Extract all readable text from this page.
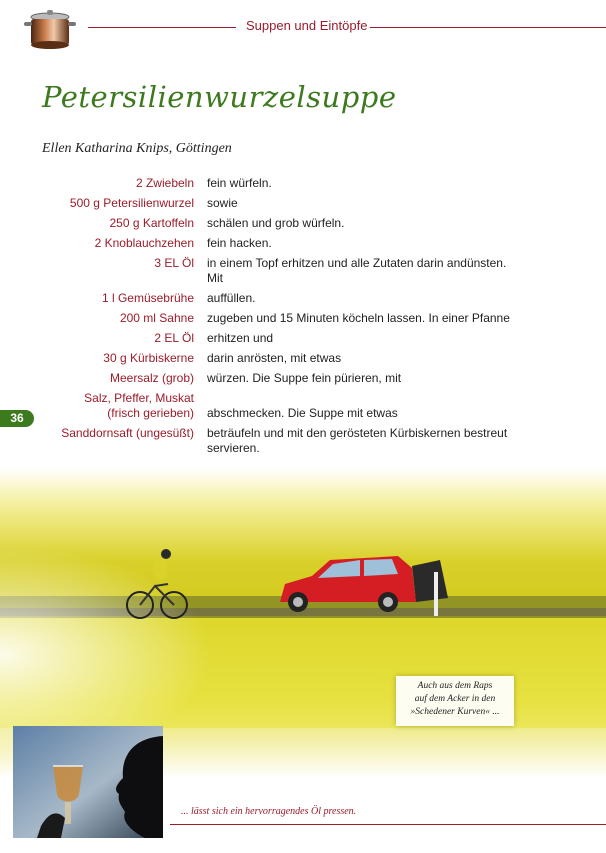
Suppen und Eintöpfe
Petersilienwurzelsuppe
Ellen Katharina Knips, Göttingen
2 Zwiebeln	fein würfeln.
500 g Petersilienwurzel	sowie
250 g Kartoffeln	schälen und grob würfeln.
2 Knoblauchzehen	fein hacken.
3 EL Öl	in einem Topf erhitzen und alle Zutaten darin andünsten. Mit
1 l Gemüsebrühe	auffüllen.
200 ml Sahne	zugeben und 15 Minuten köcheln lassen. In einer Pfanne
2 EL Öl	erhitzen und
30 g Kürbiskerne	darin anrösten, mit etwas
Meersalz (grob)	würzen. Die Suppe fein pürieren, mit
Salz, Pfeffer, Muskat (frisch gerieben)	abschmecken. Die Suppe mit etwas
Sanddornsaft (ungesüßt)	beträufeln und mit den gerösteten Kürbiskernen bestreut servieren.
36
Auch aus dem Raps
auf dem Acker in den
»Schedener Kurven« ...
... lässt sich ein hervorragendes Öl pressen.
